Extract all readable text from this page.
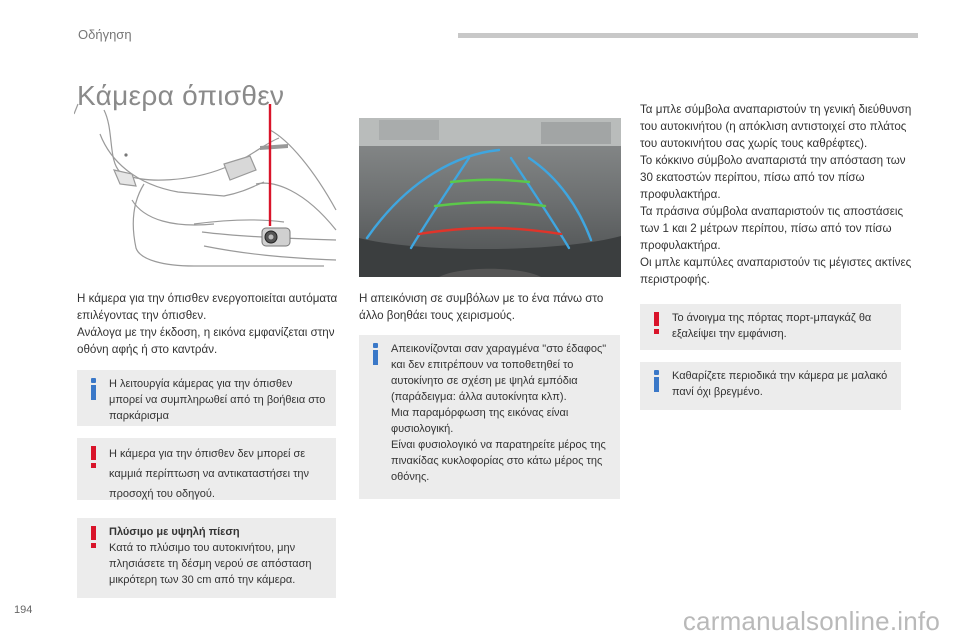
Οδήγηση
Κάμερα όπισθεν
Η κάμερα για την όπισθεν ενεργοποιείται αυτόματα επιλέγοντας την όπισθεν.
Ανάλογα με την έκδοση, η εικόνα εμφανίζεται στην οθόνη αφής ή στο καντράν.
Η λειτουργία κάμερας για την όπισθεν μπορεί να συμπληρωθεί από τη βοήθεια στο παρκάρισμα
Η κάμερα για την όπισθεν δεν μπορεί σε καμμιά περίπτωση να αντικαταστήσει την προσοχή του οδηγού.
Πλύσιμο με υψηλή πίεση
Κατά το πλύσιμο του αυτοκινήτου, μην πλησιάσετε τη δέσμη νερού σε απόσταση μικρότερη των 30 cm από την κάμερα.
Η απεικόνιση σε συμβόλων με το ένα πάνω στο άλλο βοηθάει τους χειρισμούς.
Απεικονίζονται σαν χαραγμένα "στο έδαφος" και δεν επιτρέπουν να τοποθετηθεί το αυτοκίνητο σε σχέση με ψηλά εμπόδια (παράδειγμα: άλλα αυτοκίνητα κλπ).
Μια παραμόρφωση της εικόνας είναι φυσιολογική.
Είναι φυσιολογικό να παρατηρείτε μέρος της πινακίδας κυκλοφορίας στο κάτω μέρος της οθόνης.
Τα μπλε σύμβολα αναπαριστούν τη γενική διεύθυνση του αυτοκινήτου (η απόκλιση αντιστοιχεί στο πλάτος του αυτοκινήτου σας χωρίς τους καθρέφτες).
Το κόκκινο σύμβολο αναπαριστά την απόσταση των 30 εκατοστών περίπου, πίσω από τον πίσω προφυλακτήρα.
Τα πράσινα σύμβολα αναπαριστούν τις αποστάσεις των 1 και 2 μέτρων περίπου, πίσω από τον πίσω προφυλακτήρα.
Οι μπλε καμπύλες αναπαριστούν τις μέγιστες ακτίνες περιστροφής.
Το άνοιγμα της πόρτας πορτ-μπαγκάζ θα εξαλείψει την εμφάνιση.
Καθαρίζετε περιοδικά την κάμερα με μαλακό πανί όχι βρεγμένο.
194	carmanualsonline.info
